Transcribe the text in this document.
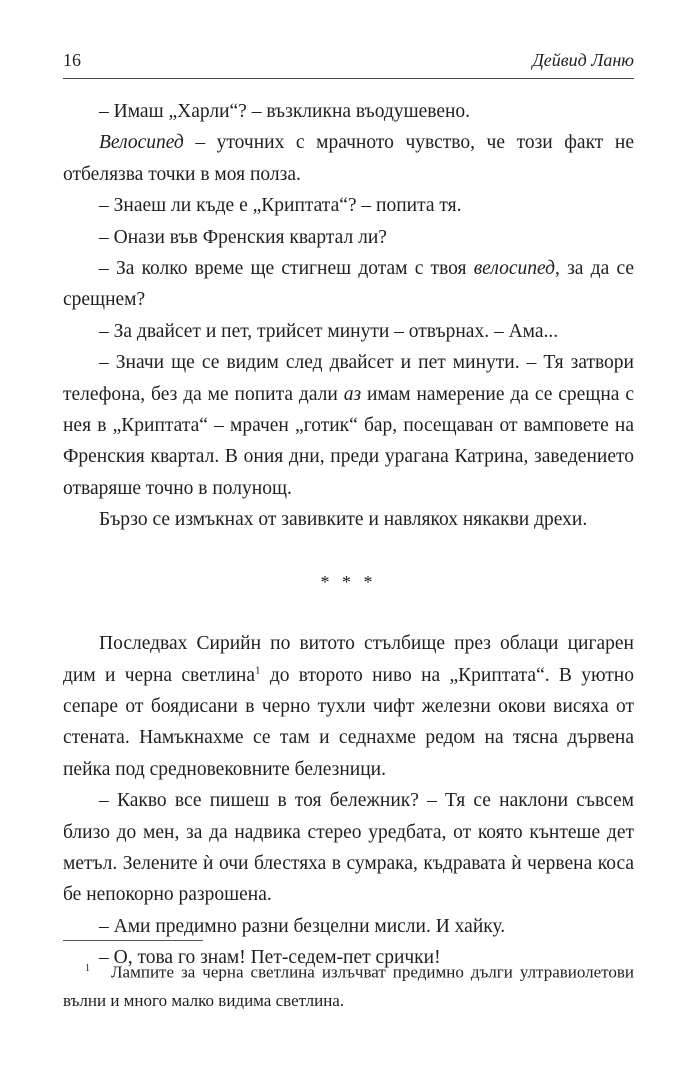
16	Дейвид Ланю

– Имаш „Харли“? – възкликна въодушевено.

Велосипед – уточних с мрачното чувство, че този факт не отбелязва точки в моя полза.

– Знаеш ли къде е „Криптата“? – попита тя.

– Онази във Френския квартал ли?

– За колко време ще стигнеш дотам с твоя велосипед, за да се срещнем?

– За двайсет и пет, трийсет минути – отвърнах. – Ама...

– Значи ще се видим след двайсет и пет минути. – Тя затвори телефона, без да ме попита дали аз имам намерение да се срещна с нея в „Криптата“ – мрачен „готик“ бар, посещаван от вамповете на Френския квартал. В ония дни, преди урагана Катрина, заведението отваряше точно в полунощ.

Бързо се измъкнах от завивките и навлякох някакви дрехи.

* * *

Последвах Сирийн по витото стълбище през облаци цигарен дим и черна светлина$^1$ до второто ниво на „Криптата“. В уютно сепаре от боядисани в черно тухли чифт железни окови висяха от стената. Намъкнахме се там и седнахме редом на тясна дървена пейка под средновековните белезници.

– Какво все пишеш в тоя бележник? – Тя се наклони съвсем близо до мен, за да надвика стерео уредбата, от която кънтеше дет метъл. Зелените ѝ очи блестяха в сумрака, къдравата ѝ червена коса бе непокорно разрошена.

– Ами предимно разни безцелни мисли. И хайку.

– О, това го знам! Пет-седем-пет срички!

$^1$ Лампите за черна светлина излъчват предимно дълги ултравиолетови вълни и много малко видима светлина.
